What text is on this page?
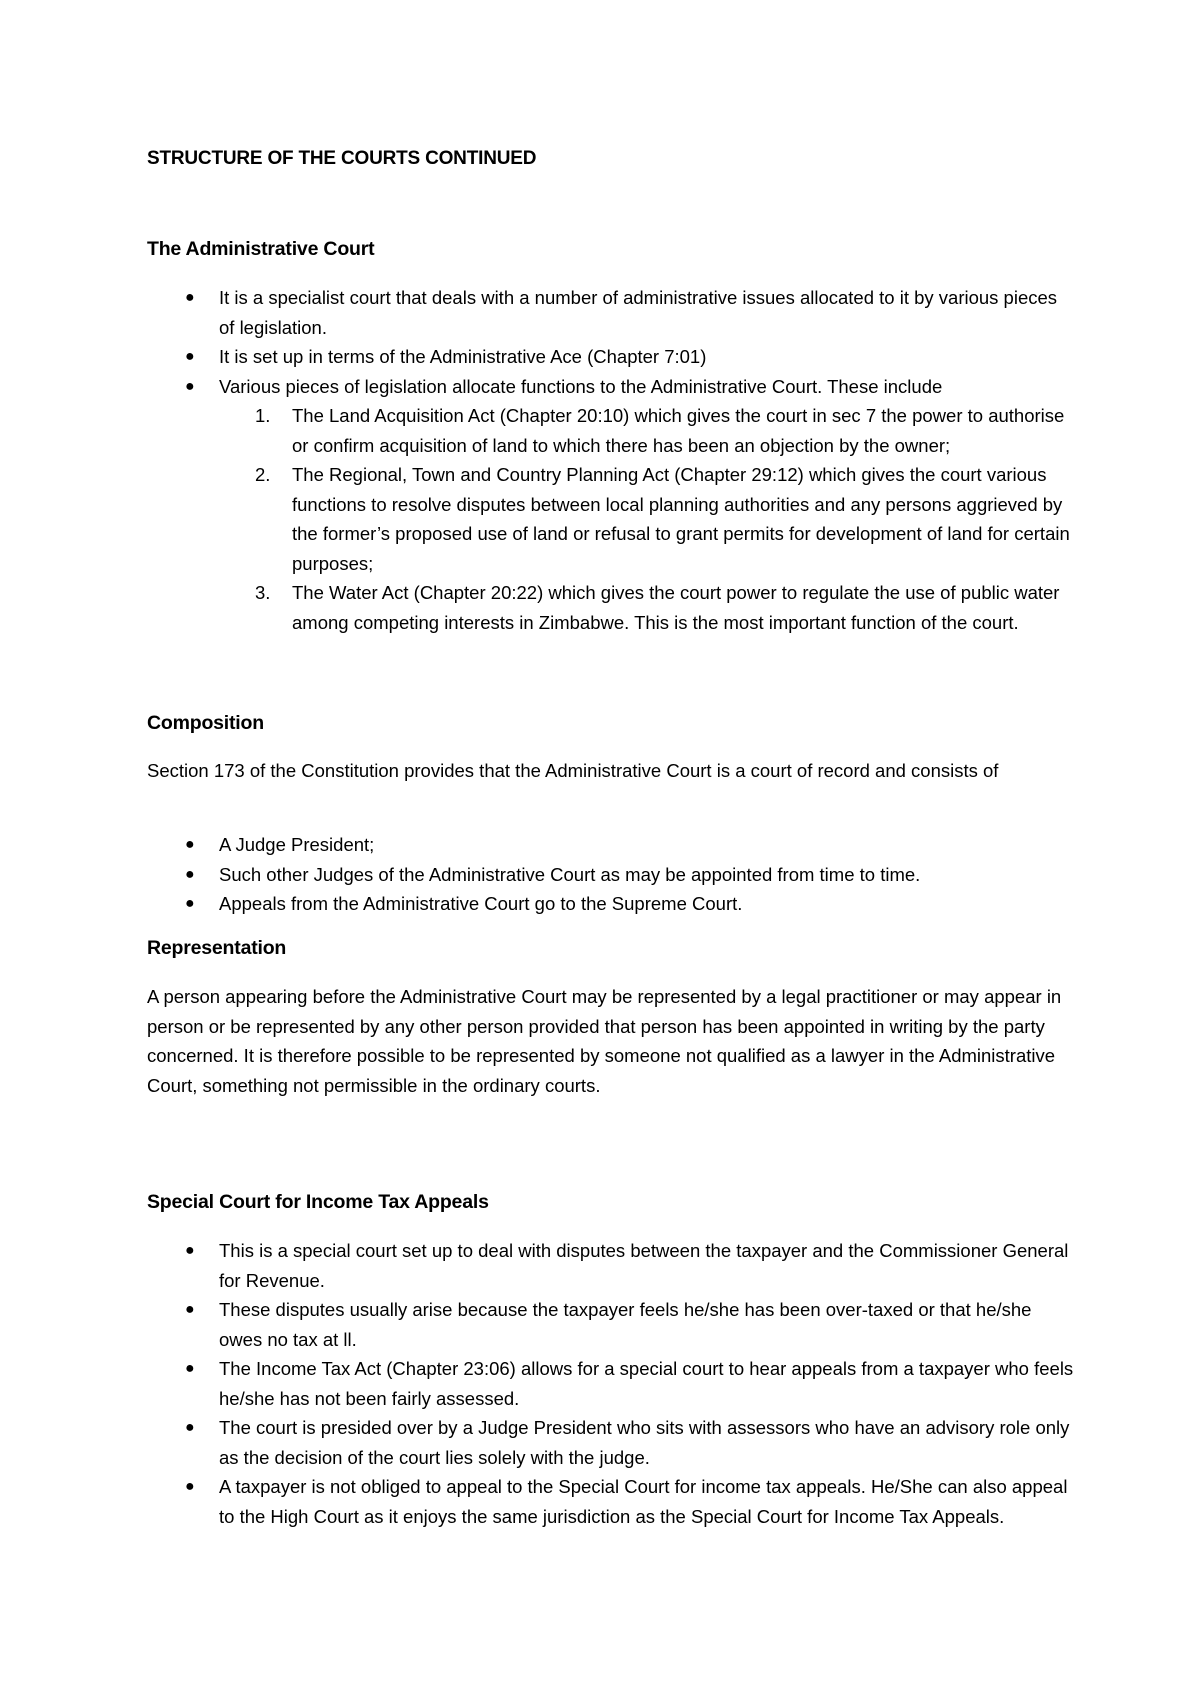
STRUCTURE OF THE COURTS CONTINUED
The Administrative Court
● It is a specialist court that deals with a number of administrative issues allocated to it by various pieces of legislation.
● It is set up in terms of the Administrative Ace (Chapter 7:01)
● Various pieces of legislation allocate functions to the Administrative Court. These include
1. The Land Acquisition Act (Chapter 20:10) which gives the court in sec 7 the power to authorise or confirm acquisition of land to which there has been an objection by the owner;
2. The Regional, Town and Country Planning Act (Chapter 29:12) which gives the court various functions to resolve disputes between local planning authorities and any persons aggrieved by the former’s proposed use of land or refusal to grant permits for development of land for certain purposes;
3. The Water Act (Chapter 20:22) which gives the court power to regulate the use of public water among competing interests in Zimbabwe. This is the most important function of the court.
Composition

Section 173 of the Constitution provides that the Administrative Court is a court of record and consists of

● A Judge President;
● Such other Judges of the Administrative Court as may be appointed from time to time.
● Appeals from the Administrative Court go to the Supreme Court.
Representation

A person appearing before the Administrative Court may be represented by a legal practitioner or may appear in person or be represented by any other person provided that person has been appointed in writing by the party concerned. It is therefore possible to be represented by someone not qualified as a lawyer in the Administrative Court, something not permissible in the ordinary courts.

Special Court for Income Tax Appeals
● This is a special court set up to deal with disputes between the taxpayer and the Commissioner General for Revenue.
● These disputes usually arise because the taxpayer feels he/she has been over-taxed or that he/she owes no tax at ll.
● The Income Tax Act (Chapter 23:06) allows for a special court to hear appeals from a taxpayer who feels he/she has not been fairly assessed.
● The court is presided over by a Judge President who sits with assessors who have an advisory role only as the decision of the court lies solely with the judge.
● A taxpayer is not obliged to appeal to the Special Court for income tax appeals. He/She can also appeal to the High Court as it enjoys the same jurisdiction as the Special Court for Income Tax Appeals.
